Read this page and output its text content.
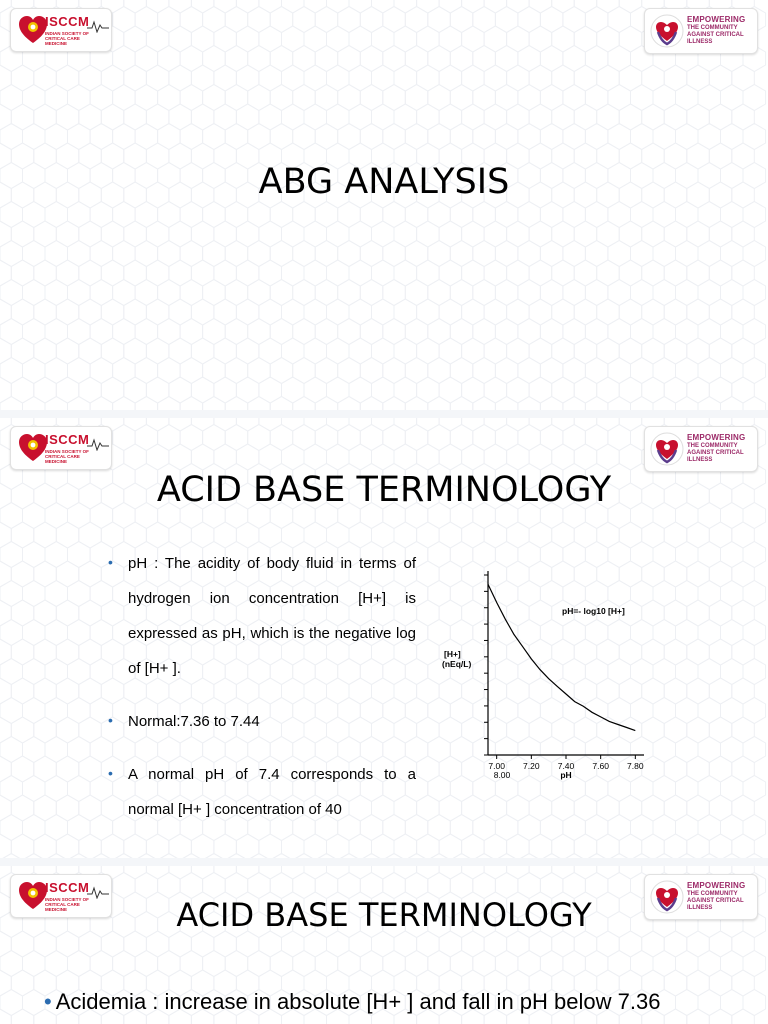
ISCCM
INDIAN SOCIETY OF CRITICAL CARE MEDICINE
EMPOWERING
THE COMMUNITY AGAINST CRITICAL ILLNESS
ABG ANALYSIS
ISCCM
INDIAN SOCIETY OF CRITICAL CARE MEDICINE
EMPOWERING
THE COMMUNITY AGAINST CRITICAL ILLNESS
ACID BASE TERMINOLOGY
• pH : The acidity of body fluid in terms of hydrogen ion concentration [H+] is expressed as pH, which is the negative log of [H+ ].
• Normal:7.36 to 7.44
• A normal pH of 7.4 corresponds to a normal [H+ ] concentration of 40
7.00 7.20 7.40 7.60 7.80
8.00	pH
[H+]
(nEq/L)
pH=- log10 [H+]
ISCCM
INDIAN SOCIETY OF CRITICAL CARE MEDICINE
EMPOWERING
THE COMMUNITY AGAINST CRITICAL ILLNESS
ACID BASE TERMINOLOGY
• Acidemia : increase in absolute [H+ ] and fall in pH below 7.36
